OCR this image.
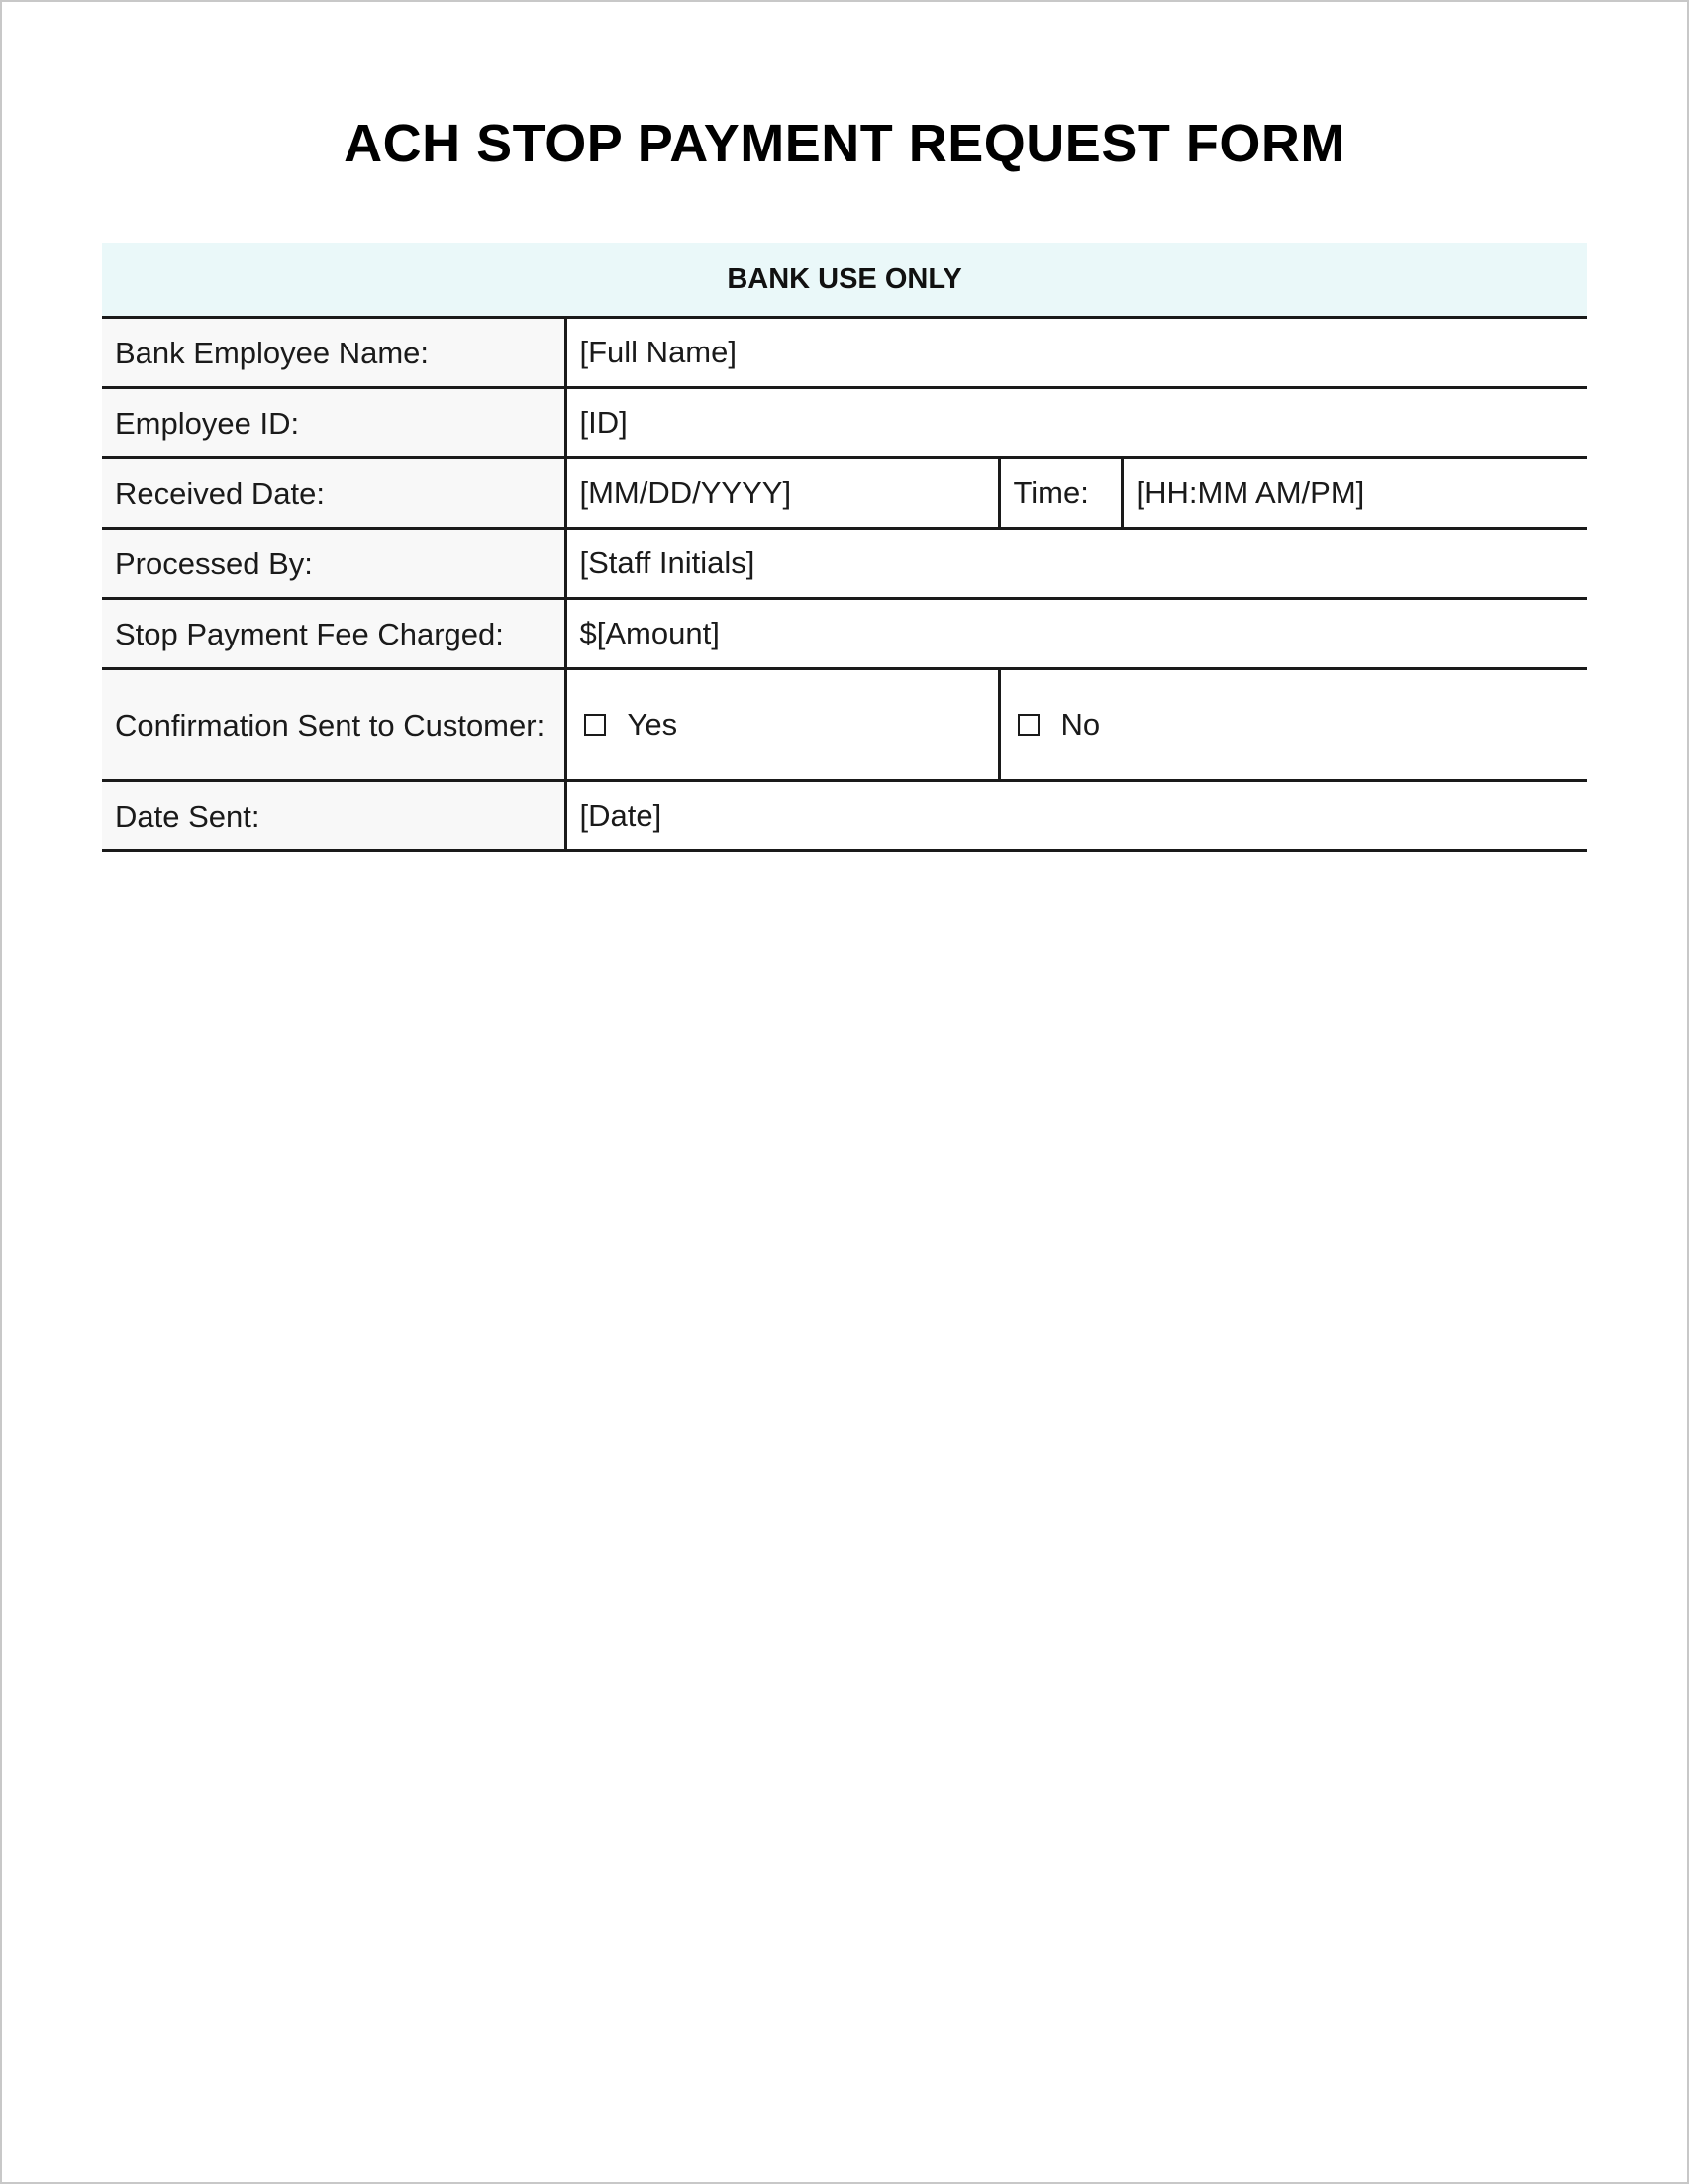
ACH STOP PAYMENT REQUEST FORM
BANK USE ONLY			
Bank Employee Name:	[Full Name]		
Employee ID:	[ID]		
Received Date:	[MM/DD/YYYY]	Time:	[HH:MM AM/PM]
Processed By:	[Staff Initials]		
Stop Payment Fee Charged:	$[Amount]		
Confirmation Sent to Customer:	Yes	No	

Date Sent:	[Date]		
